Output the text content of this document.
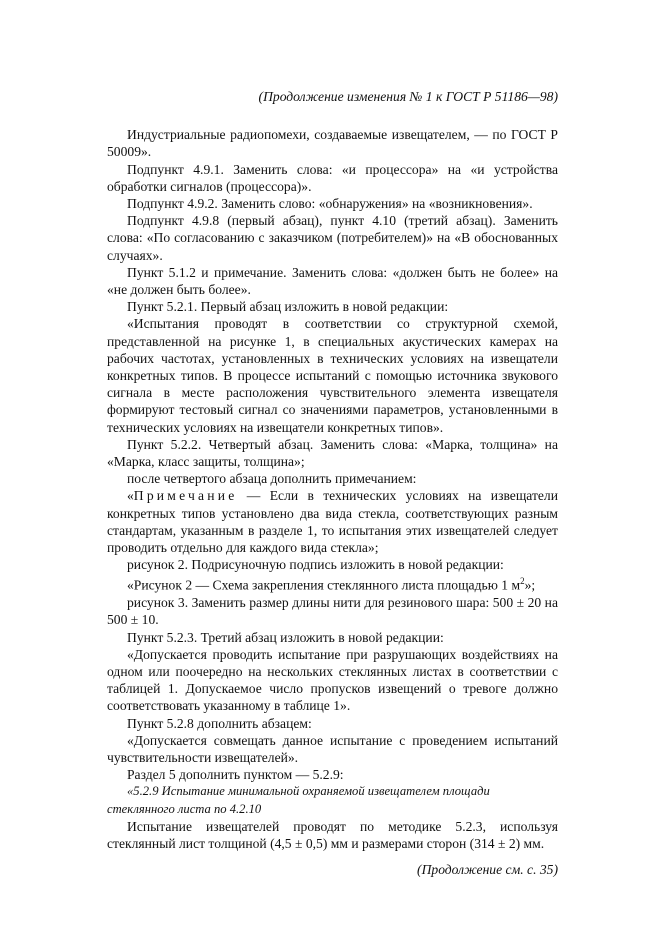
(Продолжение изменения № 1 к ГОСТ Р 51186—98)

Индустриальные радиопомехи, создаваемые извещателем, — по ГОСТ Р 50009».

Подпункт 4.9.1. Заменить слова: «и процессора» на «и устройства обработки сигналов (процессора)».

Подпункт 4.9.2. Заменить слово: «обнаружения» на «возникновения».

Подпункт 4.9.8 (первый абзац), пункт 4.10 (третий абзац). Заменить слова: «По согласованию с заказчиком (потребителем)» на «В обоснованных случаях».

Пункт 5.1.2 и примечание. Заменить слова: «должен быть не более» на «не должен быть более».

Пункт 5.2.1. Первый абзац изложить в новой редакции:

«Испытания проводят в соответствии со структурной схемой, представленной на рисунке 1, в специальных акустических камерах на рабочих частотах, установленных в технических условиях на извещатели конкретных типов. В процессе испытаний с помощью источника звукового сигнала в месте расположения чувствительного элемента извещателя формируют тестовый сигнал со значениями параметров, установленными в технических условиях на извещатели конкретных типов».

Пункт 5.2.2. Четвертый абзац. Заменить слова: «Марка, толщина» на «Марка, класс защиты, толщина»;

после четвертого абзаца дополнить примечанием:

«Примечание — Если в технических условиях на извещатели конкретных типов установлено два вида стекла, соответствующих разным стандартам, указанным в разделе 1, то испытания этих извещателей следует проводить отдельно для каждого вида стекла»;

рисунок 2. Подрисуночную подпись изложить в новой редакции:

«Рисунок 2 — Схема закрепления стеклянного листа площадью 1 $м^2$»;

рисунок 3. Заменить размер длины нити для резинового шара: 500 ± 20 на 500 ± 10.

Пункт 5.2.3. Третий абзац изложить в новой редакции:

«Допускается проводить испытание при разрушающих воздействиях на одном или поочередно на нескольких стеклянных листах в соответствии с таблицей 1. Допускаемое число пропусков извещений о тревоге должно соответствовать указанному в таблице 1».

Пункт 5.2.8 дополнить абзацем:

«Допускается совмещать данное испытание с проведением испытаний чувствительности извещателей».

Раздел 5 дополнить пунктом — 5.2.9:

«5.2.9 Испытание минимальной охраняемой извещателем площади стеклянного листа по 4.2.10

Испытание извещателей проводят по методике 5.2.3, используя стеклянный лист толщиной (4,5 ± 0,5) мм и размерами сторон (314 ± 2) мм.

(Продолжение см. с. 35)
